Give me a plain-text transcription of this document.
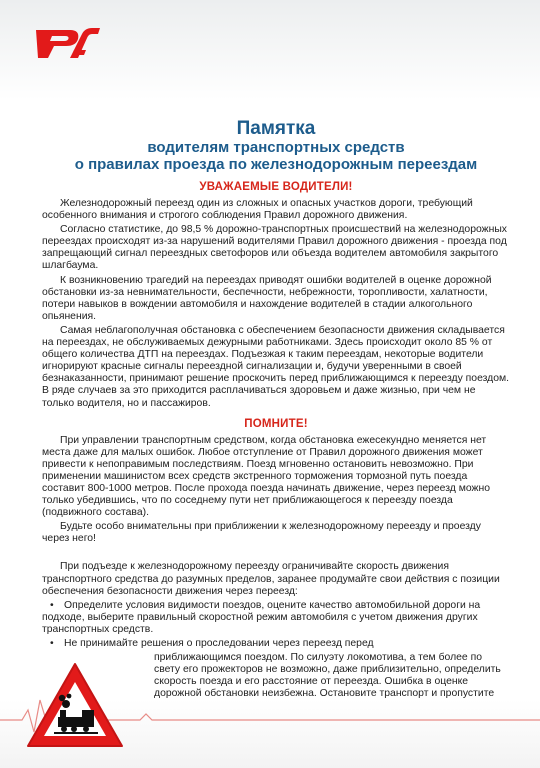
Памятка
водителям транспортных средств
о правилах проезда по железнодорожным переездам
УВАЖАЕМЫЕ ВОДИТЕЛИ!

Железнодорожный переезд один из сложных и опасных участков дороги, требующий особенного внимания и строгого соблюдения Правил дорожного движения.

Согласно статистике, до 98,5 % дорожно-транспортных происшествий на железнодорожных переездах происходят из-за нарушений водителями Правил дорожного движения - проезда под запрещающий сигнал переездных светофоров или объезда водителем автомобиля закрытого шлагбаума.

К возникновению трагедий на переездах приводят ошибки водителей в оценке дорожной обстановки из-за невнимательности, беспечности, небрежности, торопливости, халатности, потери навыков в вождении автомобиля и нахождение водителей в стадии алкогольного опьянения.

Самая неблагополучная обстановка с обеспечением безопасности движения складывается на переездах, не обслуживаемых дежурными работниками. Здесь происходит около 85 % от общего количества ДТП на переездах. Подъезжая к таким переездам, некоторые водители игнорируют красные сигналы переездной сигнализации и, будучи уверенными в своей безнаказанности, принимают решение проскочить перед приближающимся к переезду поездом. В ряде случаев за это приходится расплачиваться здоровьем и даже жизнью, при чем не только водителя, но и пассажиров.

ПОМНИТЕ!

При управлении транспортным средством, когда обстановка ежесекундно меняется нет места даже для малых ошибок. Любое отступление от Правил дорожного движения может привести к непоправимым последствиям. Поезд мгновенно остановить невозможно. При применении машинистом всех средств экстренного торможения тормозной путь поезда составит 800-1000 метров. После прохода поезда начинать движение, через переезд можно только убедившись, что по соседнему пути нет приближающегося к переезду поезда (подвижного состава).

Будьте особо внимательны при приближении к железнодорожному переезду и проезду через него!

При подъезде к железнодорожному переезду ограничивайте скорость движения транспортного средства до разумных пределов, заранее продумайте свои действия с позиции обеспечения безопасности движения через переезд:

• Определите условия видимости поездов, оцените качество автомобильной дороги на подходе, выберите правильный скоростной режим автомобиля с учетом движения других транспортных средств.
• Не принимайте решения о проследовании через переезд перед
приближающимся поездом. По силуэту локомотива, а тем более по свету его прожекторов не возможно, даже приблизительно, определить скорость поезда и его расстояние от переезда. Ошибка в оценке дорожной обстановки неизбежна. Остановите транспорт и пропустите
